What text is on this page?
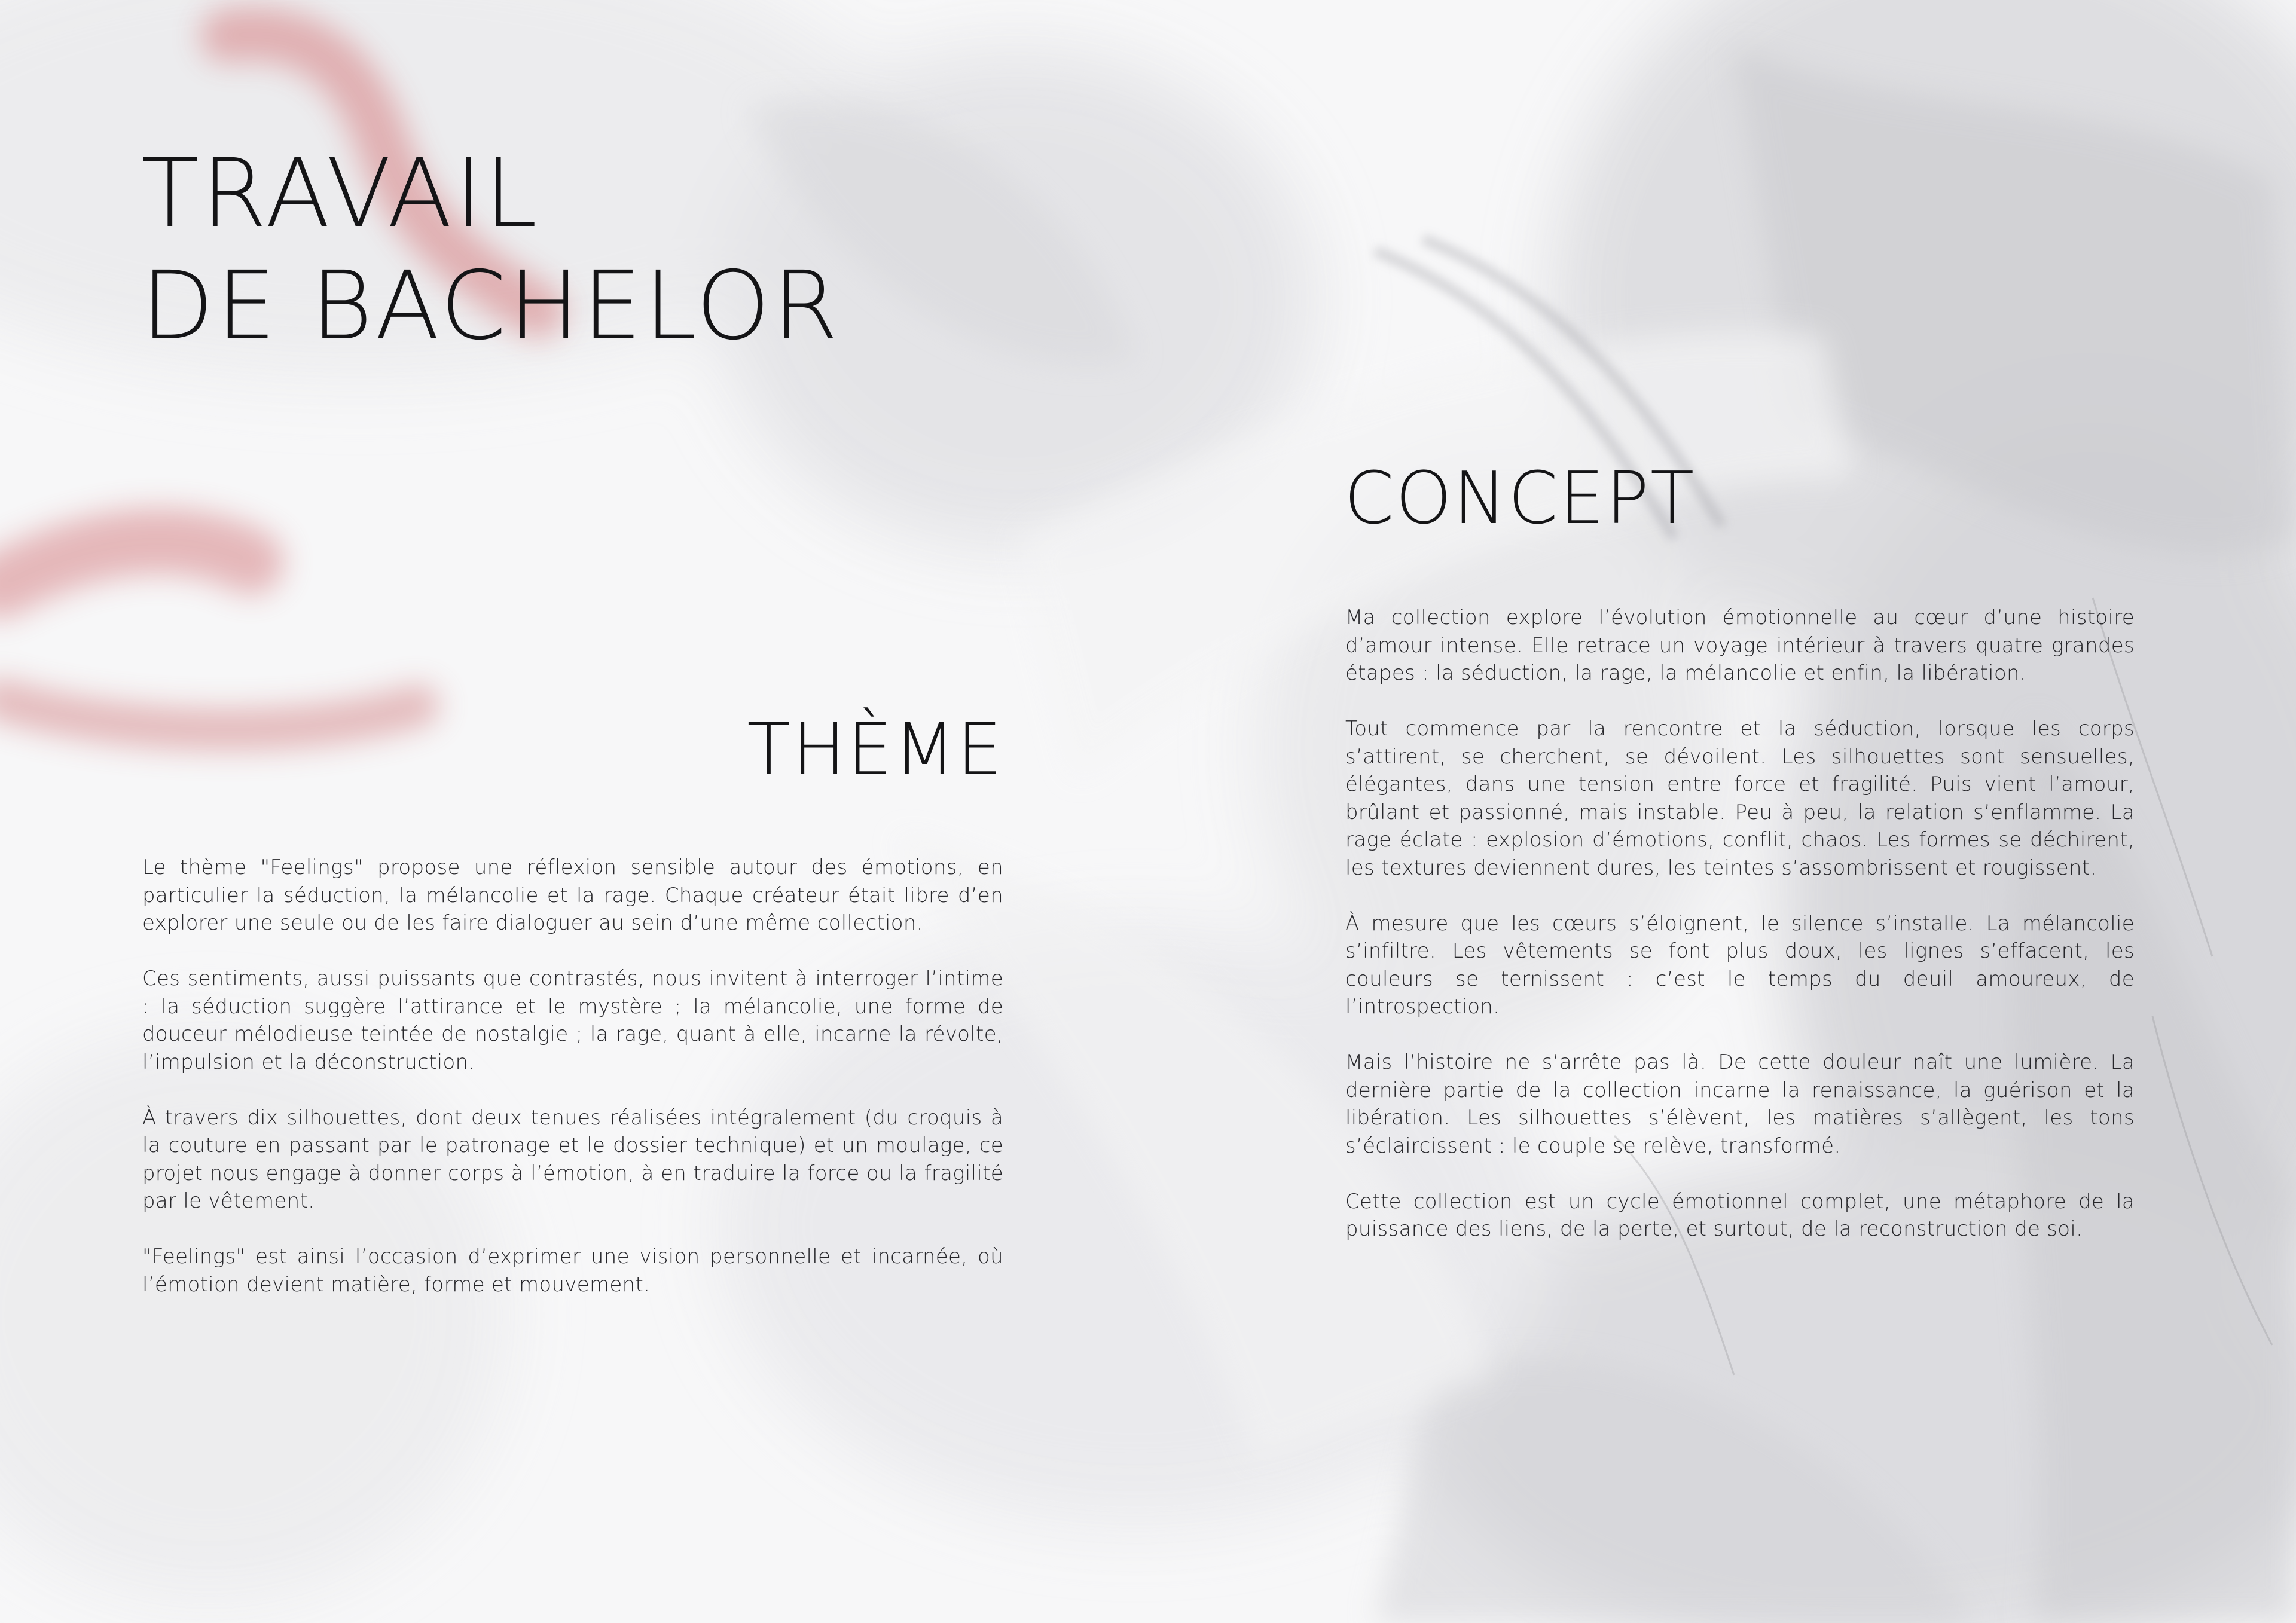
TRAVAIL
DE BACHELOR
THÈME

Le thème "Feelings" propose une réflexion sensible autour des émotions, en particulier la séduction, la mélancolie et la rage. Chaque créateur était libre d’en explorer une seule ou de les faire dialoguer au sein d’une même collection.

Ces sentiments, aussi puissants que contrastés, nous invitent à interroger l’intime : la séduction suggère l’attirance et le mystère ; la mélancolie, une forme de douceur mélodieuse teintée de nostalgie ; la rage, quant à elle, incarne la révolte, l’impulsion et la déconstruction.

À travers dix silhouettes, dont deux tenues réalisées intégralement (du croquis à la couture en passant par le patronage et le dossier technique) et un moulage, ce projet nous engage à donner corps à l’émotion, à en traduire la force ou la fragilité par le vêtement.

"Feelings" est ainsi l’occasion d’exprimer une vision personnelle et incarnée, où l’émotion devient matière, forme et mouvement.

CONCEPT

Ma collection explore l’évolution émotionnelle au cœur d’une histoire d’amour intense. Elle retrace un voyage intérieur à travers quatre grandes étapes : la séduction, la rage, la mélancolie et enfin, la libération.

Tout commence par la rencontre et la séduction, lorsque les corps s’attirent, se cherchent, se dévoilent. Les silhouettes sont sensuelles, élégantes, dans une tension entre force et fragilité. Puis vient l’amour, brûlant et passionné, mais instable. Peu à peu, la relation s’enflamme. La rage éclate : explosion d’émotions, conflit, chaos. Les formes se déchirent, les textures deviennent dures, les teintes s’assombrissent et rougissent.

À mesure que les cœurs s’éloignent, le silence s’installe. La mélancolie s’infiltre. Les vêtements se font plus doux, les lignes s’effacent, les couleurs se ternissent : c’est le temps du deuil amoureux, de l’introspection.

Mais l’histoire ne s’arrête pas là. De cette douleur naît une lumière. La dernière partie de la collection incarne la renaissance, la guérison et la libération. Les silhouettes s’élèvent, les matières s’allègent, les tons s’éclaircissent : le couple se relève, transformé.

Cette collection est un cycle émotionnel complet, une métaphore de la puissance des liens, de la perte, et surtout, de la reconstruction de soi.
